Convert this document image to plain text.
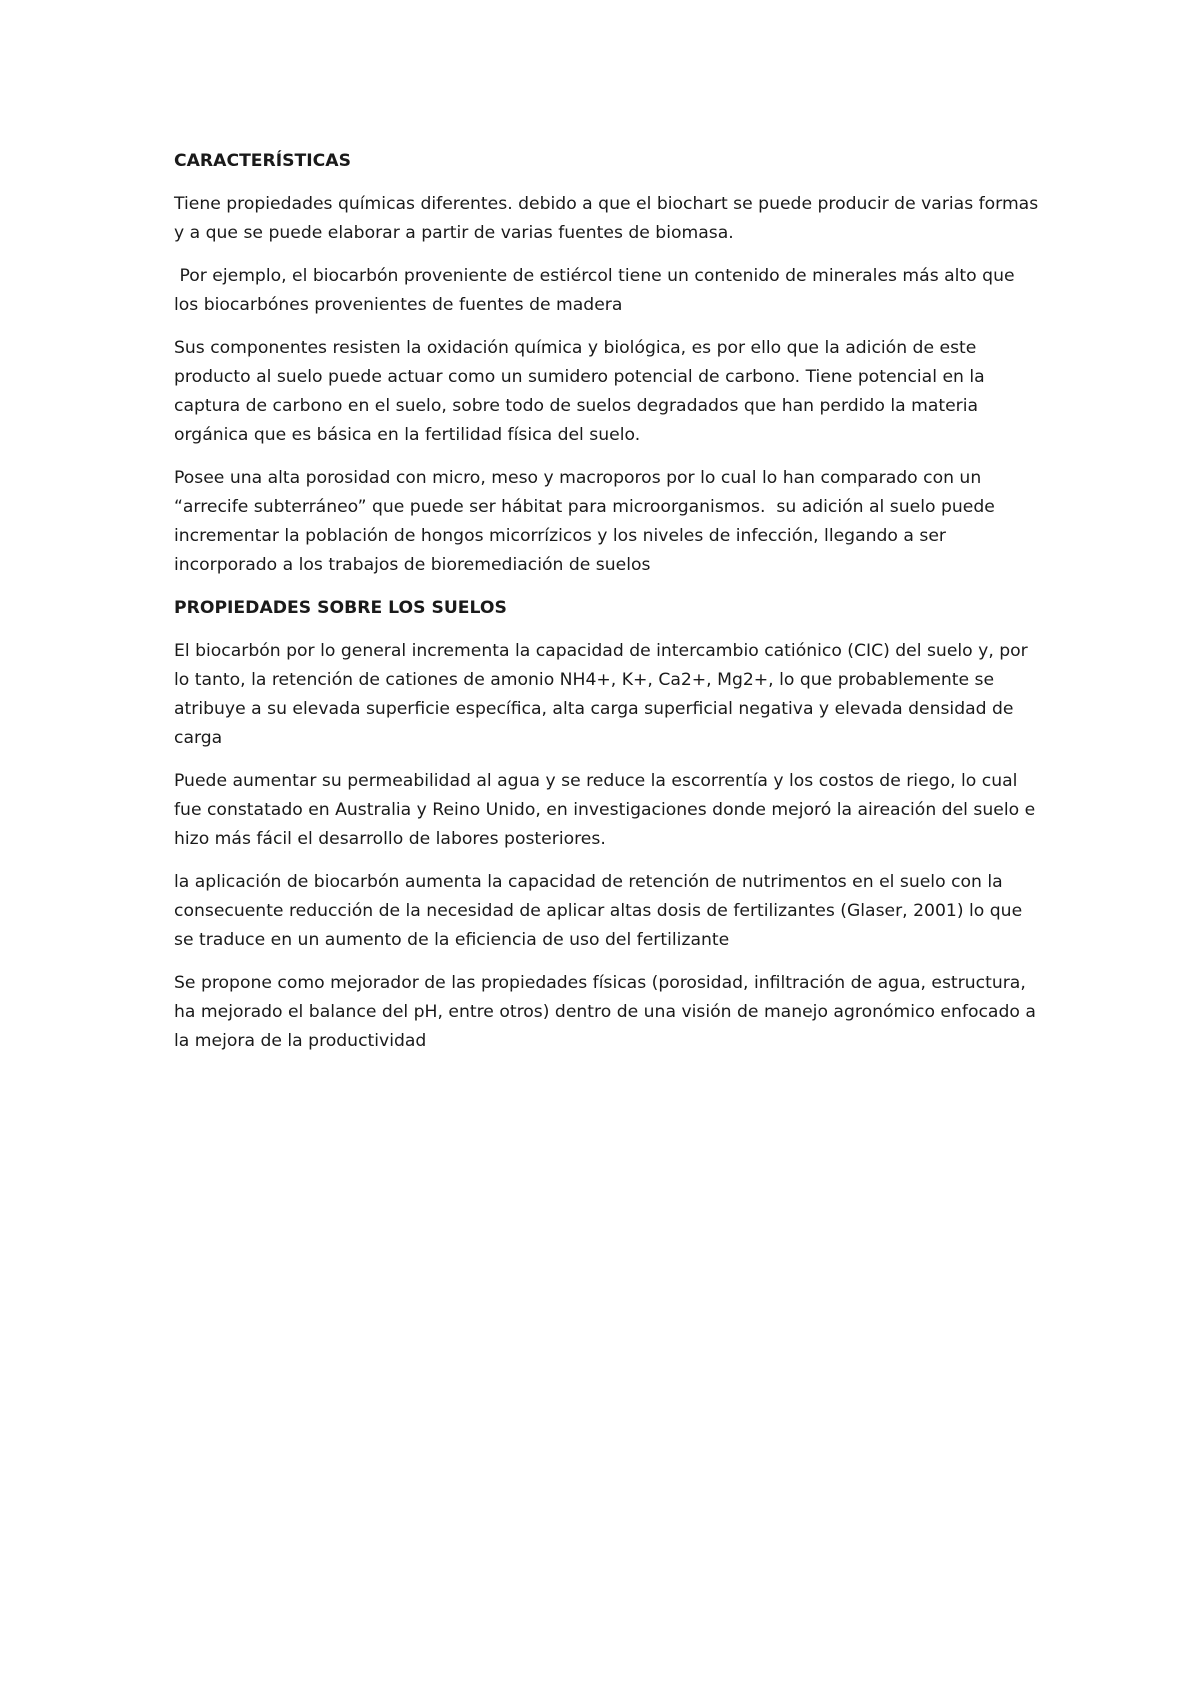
CARACTERÍSTICAS
Tiene propiedades químicas diferentes. debido a que el biochart se puede producir de varias formas y a que se puede elaborar a partir de varias fuentes de biomasa.
Por ejemplo, el biocarbón proveniente de estiércol tiene un contenido de minerales más alto que los biocarbónes provenientes de fuentes de madera
Sus componentes resisten la oxidación química y biológica, es por ello que la adición de este producto al suelo puede actuar como un sumidero potencial de carbono. Tiene potencial en la captura de carbono en el suelo, sobre todo de suelos degradados que han perdido la materia orgánica que es básica en la fertilidad física del suelo.
Posee una alta porosidad con micro, meso y macroporos por lo cual lo han comparado con un “arrecife subterráneo” que puede ser hábitat para microorganismos.  su adición al suelo puede incrementar la población de hongos micorrízicos y los niveles de infección, llegando a ser incorporado a los trabajos de bioremediación de suelos
PROPIEDADES SOBRE LOS SUELOS
El biocarbón por lo general incrementa la capacidad de intercambio catiónico (CIC) del suelo y, por lo tanto, la retención de cationes de amonio NH4+, K+, Ca2+, Mg2+, lo que probablemente se atribuye a su elevada superficie específica, alta carga superficial negativa y elevada densidad de carga
Puede aumentar su permeabilidad al agua y se reduce la escorrentía y los costos de riego, lo cual fue constatado en Australia y Reino Unido, en investigaciones donde mejoró la aireación del suelo e hizo más fácil el desarrollo de labores posteriores.
la aplicación de biocarbón aumenta la capacidad de retención de nutrimentos en el suelo con la consecuente reducción de la necesidad de aplicar altas dosis de fertilizantes (Glaser, 2001) lo que se traduce en un aumento de la eficiencia de uso del fertilizante
Se propone como mejorador de las propiedades físicas (porosidad, infiltración de agua, estructura, ha mejorado el balance del pH, entre otros) dentro de una visión de manejo agronómico enfocado a la mejora de la productividad
